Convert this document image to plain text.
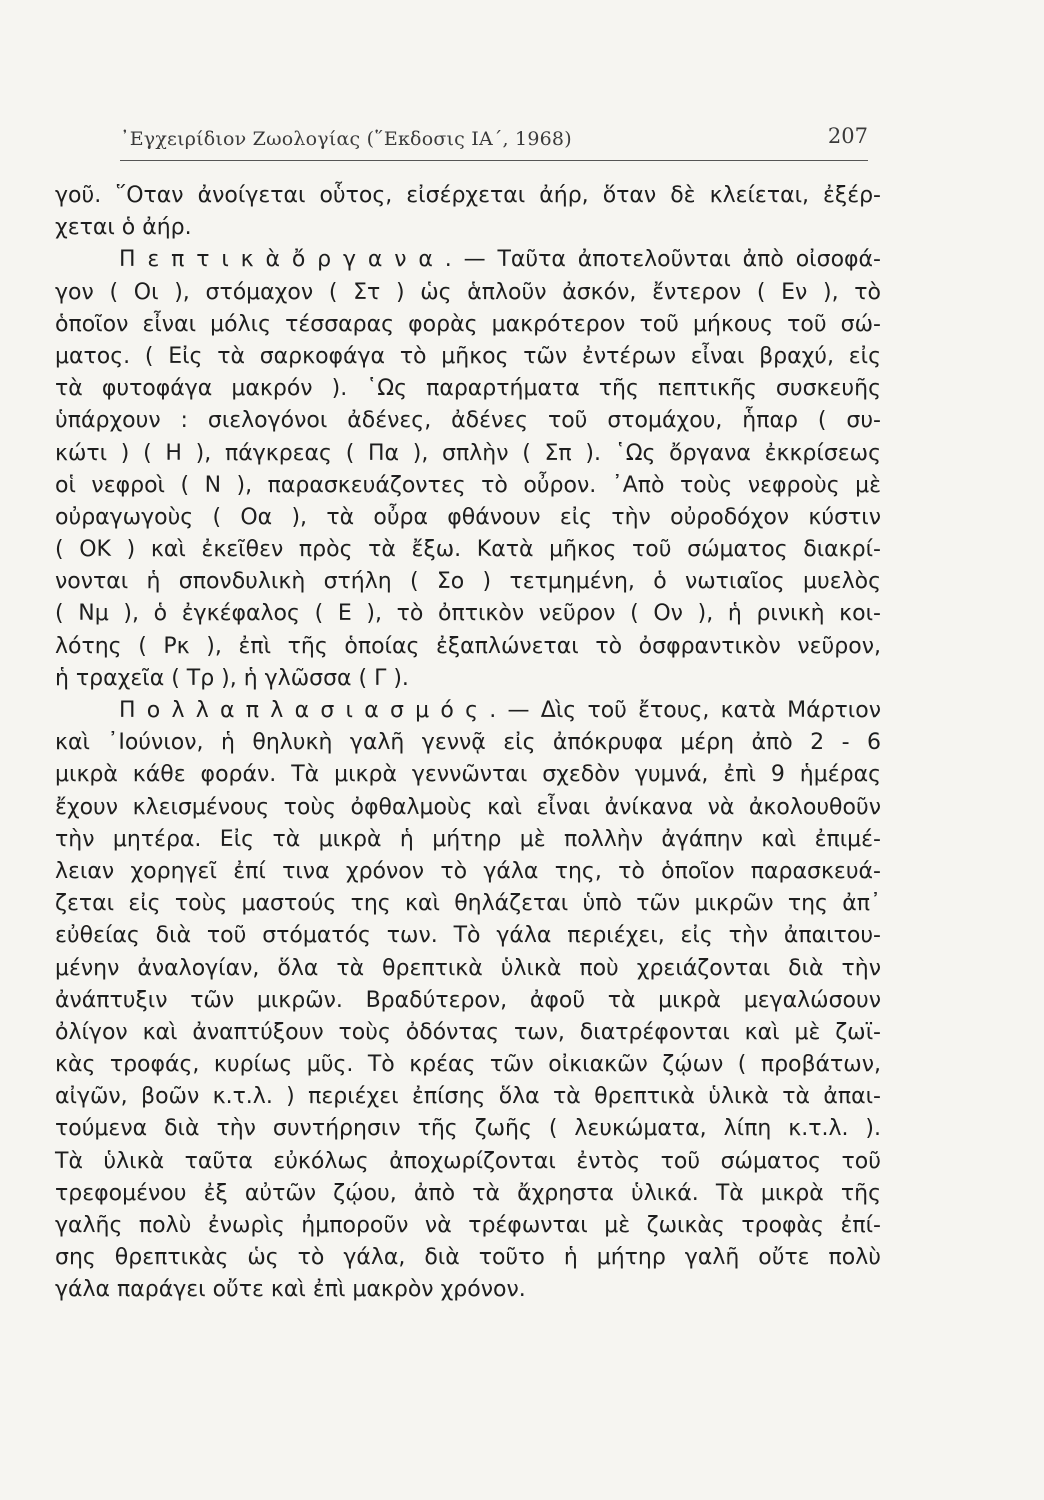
᾿Εγχειρίδιον Ζωολογίας (῞Εκδοσις ΙΑ΄, 1968)	207
γοῦ. ῞Οταν ἀνοίγεται οὗτος, εἰσέρχεται ἀήρ, ὅταν δὲ κλείεται, ἐξέρ-
χεται ὁ ἀήρ.
Π ε π τ ι κ ὰ ὄ ρ γ α ν α . — Ταῦτα ἀποτελοῦνται ἀπὸ οἰσοφά-
γον ( Οι ), στόμαχον ( Στ ) ὡς ἁπλοῦν ἀσκόν, ἔντερον ( Εν ), τὸ
ὁποῖον εἶναι μόλις τέσσαρας φορὰς μακρότερον τοῦ μήκους τοῦ σώ-
ματος. ( Εἰς τὰ σαρκοφάγα τὸ μῆκος τῶν ἐντέρων εἶναι βραχύ, εἰς
τὰ φυτοφάγα μακρόν ). ῾Ως παραρτήματα τῆς πεπτικῆς συσκευῆς
ὑπάρχουν : σιελογόνοι ἀδένες, ἀδένες τοῦ στομάχου, ἧπαρ ( συ-
κώτι ) ( Η ), πάγκρεας ( Πα ), σπλὴν ( Σπ ). ῾Ως ὄργανα ἐκκρίσεως
οἱ νεφροὶ ( Ν ), παρασκευάζοντες τὸ οὖρον. ᾿Απὸ τοὺς νεφροὺς μὲ
οὐραγωγοὺς ( Οα ), τὰ οὖρα φθάνουν εἰς τὴν οὐροδόχον κύστιν
( ΟΚ ) καὶ ἐκεῖθεν πρὸς τὰ ἔξω. Κατὰ μῆκος τοῦ σώματος διακρί-
νονται ἡ σπονδυλικὴ στήλη ( Σο ) τετμημένη, ὁ νωτιαῖος μυελὸς
( Νμ ), ὁ ἐγκέφαλος ( Ε ), τὸ ὀπτικὸν νεῦρον ( Ον ), ἡ ρινικὴ κοι-
λότης ( Ρκ ), ἐπὶ τῆς ὁποίας ἐξαπλώνεται τὸ ὀσφραντικὸν νεῦρον,
ἡ τραχεῖα ( Τρ ), ἡ γλῶσσα ( Γ ).
Π ο λ λ α π λ α σ ι α σ μ ό ς . — Δὶς τοῦ ἔτους, κατὰ Μάρτιον
καὶ ᾿Ιούνιον, ἡ θηλυκὴ γαλῆ γεννᾷ εἰς ἀπόκρυφα μέρη ἀπὸ 2 - 6
μικρὰ κάθε φοράν. Τὰ μικρὰ γεννῶνται σχεδὸν γυμνά, ἐπὶ 9 ἡμέρας
ἔχουν κλεισμένους τοὺς ὀφθαλμοὺς καὶ εἶναι ἀνίκανα νὰ ἀκολουθοῦν
τὴν μητέρα. Εἰς τὰ μικρὰ ἡ μήτηρ μὲ πολλὴν ἀγάπην καὶ ἐπιμέ-
λειαν χορηγεῖ ἐπί τινα χρόνον τὸ γάλα της, τὸ ὁποῖον παρασκευά-
ζεται εἰς τοὺς μαστούς της καὶ θηλάζεται ὑπὸ τῶν μικρῶν της ἀπ᾿
εὐθείας διὰ τοῦ στόματός των. Τὸ γάλα περιέχει, εἰς τὴν ἀπαιτου-
μένην ἀναλογίαν, ὅλα τὰ θρεπτικὰ ὑλικὰ ποὺ χρειάζονται διὰ τὴν
ἀνάπτυξιν τῶν μικρῶν. Βραδύτερον, ἀφοῦ τὰ μικρὰ μεγαλώσουν
ὀλίγον καὶ ἀναπτύξουν τοὺς ὀδόντας των, διατρέφονται καὶ μὲ ζωϊ-
κὰς τροφάς, κυρίως μῦς. Τὸ κρέας τῶν οἰκιακῶν ζῴων ( προβάτων,
αἰγῶν, βοῶν κ.τ.λ. ) περιέχει ἐπίσης ὅλα τὰ θρεπτικὰ ὑλικὰ τὰ ἀπαι-
τούμενα διὰ τὴν συντήρησιν τῆς ζωῆς ( λευκώματα, λίπη κ.τ.λ. ).
Τὰ ὑλικὰ ταῦτα εὐκόλως ἀποχωρίζονται ἐντὸς τοῦ σώματος τοῦ
τρεφομένου ἐξ αὐτῶν ζῴου, ἀπὸ τὰ ἄχρηστα ὑλικά. Τὰ μικρὰ τῆς
γαλῆς πολὺ ἐνωρὶς ἠμποροῦν νὰ τρέφωνται μὲ ζωικὰς τροφὰς ἐπί-
σης θρεπτικὰς ὡς τὸ γάλα, διὰ τοῦτο ἡ μήτηρ γαλῆ οὔτε πολὺ
γάλα παράγει οὔτε καὶ ἐπὶ μακρὸν χρόνον.
